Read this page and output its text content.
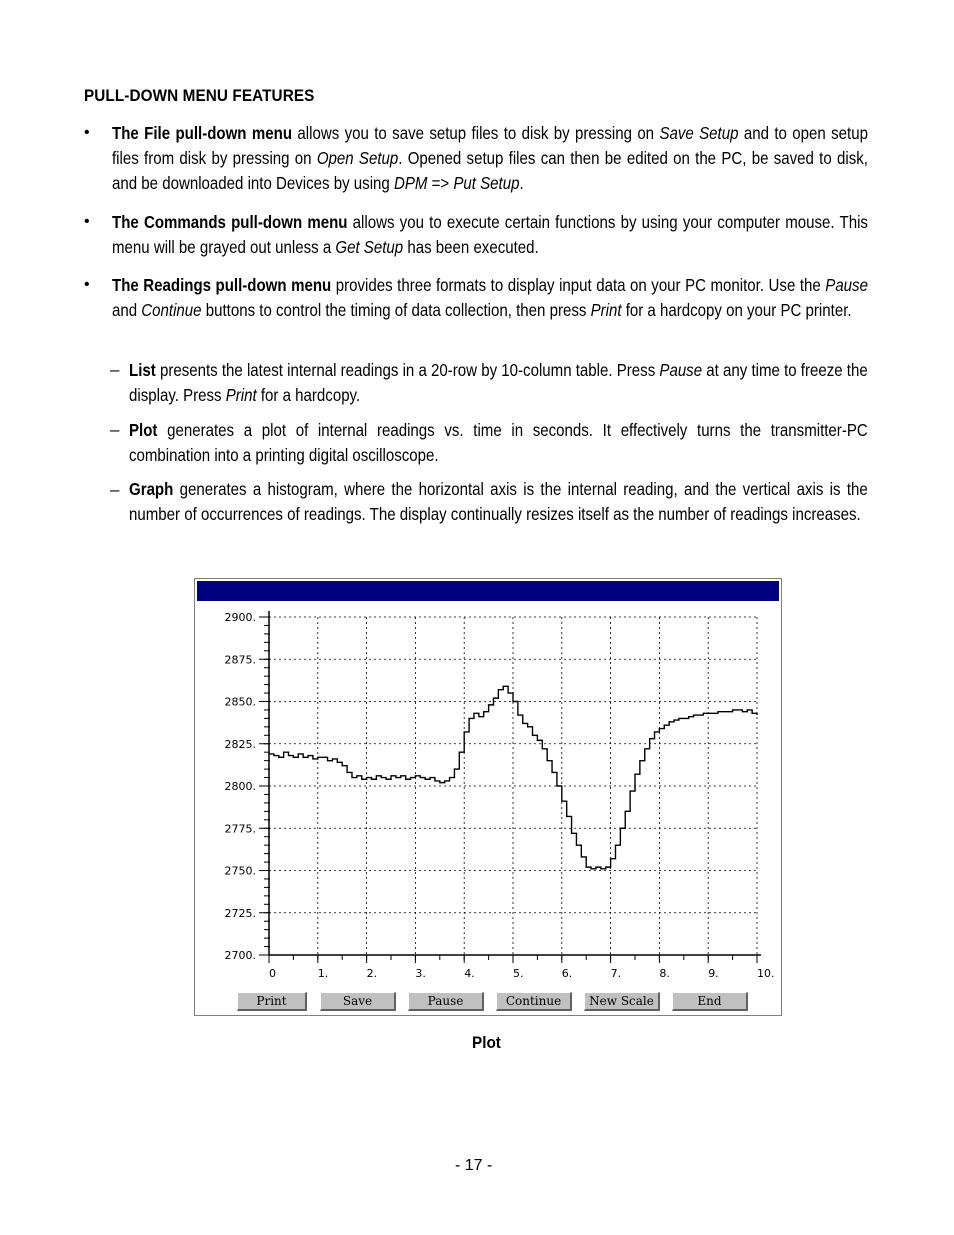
PULL-DOWN MENU FEATURES
• The File pull-down menu allows you to save setup files to disk by pressing on Save Setup and to open setup files from disk by pressing on Open Setup. Opened setup files can then be edited on the PC, be saved to disk, and be downloaded into Devices by using DPM => Put Setup.
• The Commands pull-down menu allows you to execute certain functions by using your computer mouse. This menu will be grayed out unless a Get Setup has been executed.
• The Readings pull-down menu provides three formats to display input data on your PC monitor. Use the Pause and Continue buttons to control the timing of data collection, then press Print for a hardcopy on your PC printer.
– List presents the latest internal readings in a 20-row by 10-column table. Press Pause at any time to freeze the display. Press Print for a hardcopy.
– Plot generates a plot of internal readings vs. time in seconds. It effectively turns the transmitter-PC combination into a printing digital oscilloscope.
– Graph generates a histogram, where the horizontal axis is the internal reading, and the vertical axis is the number of occurrences of readings. The display continually resizes itself as the number of readings increases.
2900.
2875.
2850.
2825.
2800.
2775.
2750.
2725.
2700.
0	1.	2.	3.	4.	5.	6.	7.	8.	9.	10.
Print	Save	Pause	Continue	New Scale	End
Plot
- 17 -
